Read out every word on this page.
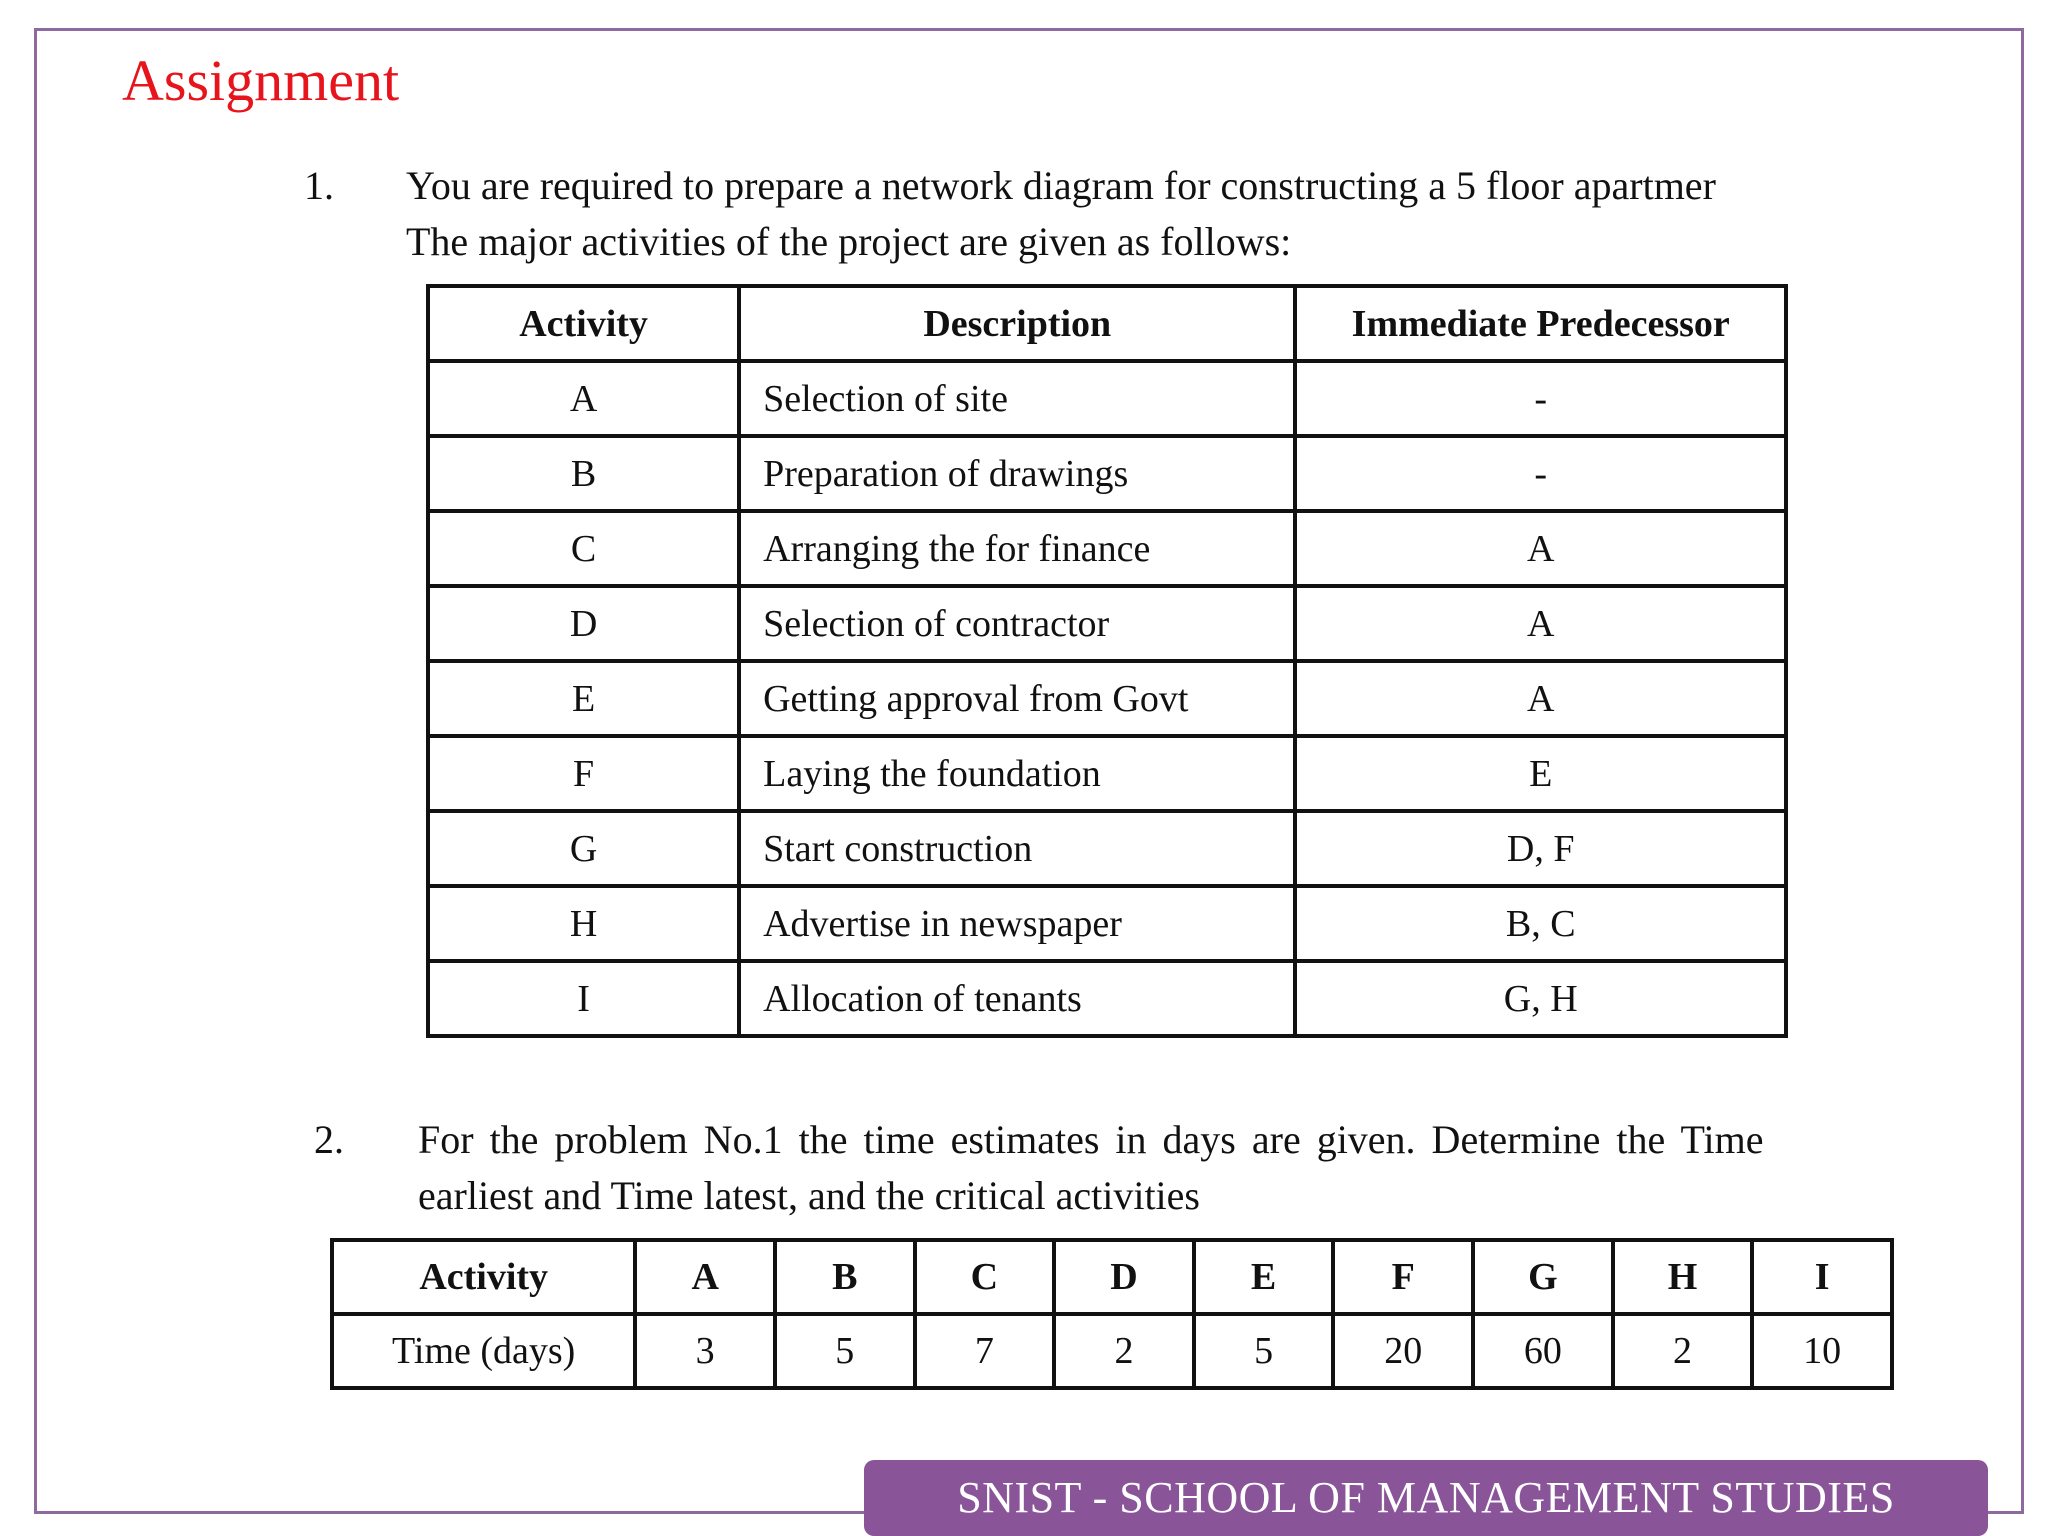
Assignment
1. You are required to prepare a network diagram for constructing a 5 floor apartmer
The major activities of the project are given as follows:
Activity	Description	Immediate Predecessor
A	Selection of site	-
B	Preparation of drawings	-
C	Arranging the for finance	A
D	Selection of contractor	A
E	Getting approval from Govt	A
F	Laying the foundation	E
G	Start construction	D, F
H	Advertise in newspaper	B, C
I	Allocation of tenants	G, H
2. For the problem No.1 the time estimates in days are given. Determine the Time
earliest and Time latest, and the critical activities
Activity	A	B	C	D	E	F	G	H	I
Time (days)	3	5	7	2	5	20	60	2	10
SNIST - SCHOOL OF MANAGEMENT STUDIES
